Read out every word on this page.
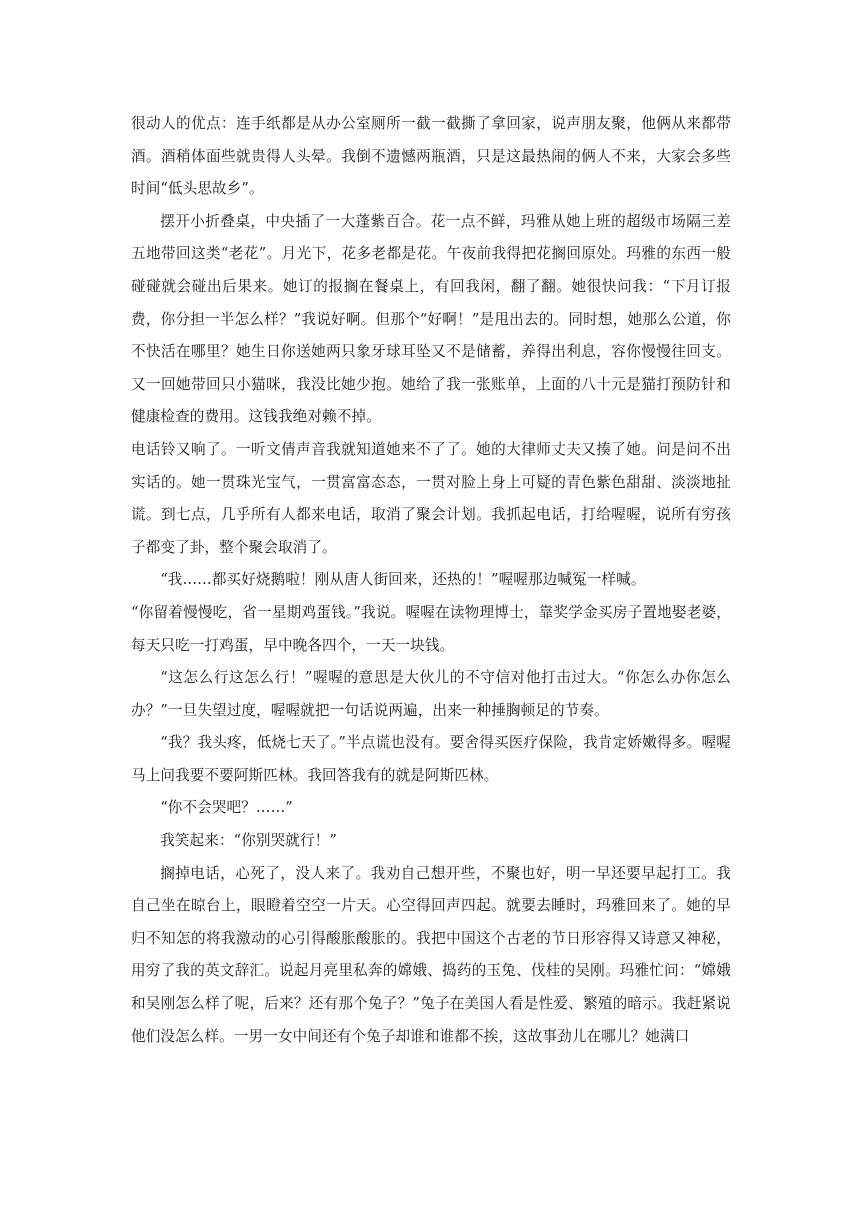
很动人的优点：连手纸都是从办公室厕所一截一截撕了拿回家，说声朋友聚，他俩从来都带酒。酒稍体面些就贵得人头晕。我倒不遗憾两瓶酒，只是这最热闹的俩人不来，大家会多些时间“低头思故乡”。

摆开小折叠桌，中央插了一大蓬紫百合。花一点不鲜，玛雅从她上班的超级市场隔三差五地带回这类“老花”。月光下，花多老都是花。午夜前我得把花搁回原处。玛雅的东西一般碰碰就会碰出后果来。她订的报搁在餐桌上，有回我闲，翻了翻。她很快问我：“下月订报费，你分担一半怎么样？”我说好啊。但那个“好啊！”是甩出去的。同时想，她那么公道，你不快活在哪里？她生日你送她两只象牙球耳坠又不是储蓄，养得出利息，容你慢慢往回支。又一回她带回只小猫咪，我没比她少抱。她给了我一张账单，上面的八十元是猫打预防针和健康检查的费用。这钱我绝对赖不掉。

电话铃又响了。一听文倩声音我就知道她来不了了。她的大律师丈夫又揍了她。问是问不出实话的。她一贯珠光宝气，一贯富富态态，一贯对脸上身上可疑的青色紫色甜甜、淡淡地扯谎。到七点，几乎所有人都来电话，取消了聚会计划。我抓起电话，打给喔喔，说所有穷孩子都变了卦，整个聚会取消了。

“我……都买好烧鹅啦！刚从唐人街回来，还热的！”喔喔那边喊冤一样喊。

“你留着慢慢吃，省一星期鸡蛋钱。”我说。喔喔在读物理博士，靠奖学金买房子置地娶老婆，每天只吃一打鸡蛋，早中晚各四个，一天一块钱。

“这怎么行这怎么行！”喔喔的意思是大伙儿的不守信对他打击过大。“你怎么办你怎么办？”一旦失望过度，喔喔就把一句话说两遍，出来一种捶胸顿足的节奏。

“我？我头疼，低烧七天了。”半点谎也没有。要舍得买医疗保险，我肯定娇嫩得多。喔喔马上问我要不要阿斯匹林。我回答我有的就是阿斯匹林。

“你不会哭吧？……”

我笑起来：“你别哭就行！”

搁掉电话，心死了，没人来了。我劝自己想开些，不聚也好，明一早还要早起打工。我自己坐在晾台上，眼瞪着空空一片天。心空得回声四起。就要去睡时，玛雅回来了。她的早归不知怎的将我激动的心引得酸胀酸胀的。我把中国这个古老的节日形容得又诗意又神秘，用穷了我的英文辞汇。说起月亮里私奔的嫦娥、捣药的玉兔、伐桂的吴刚。玛雅忙问：“嫦娥和吴刚怎么样了呢，后来？还有那个兔子？”兔子在美国人看是性爱、繁殖的暗示。我赶紧说他们没怎么样。一男一女中间还有个兔子却谁和谁都不挨，这故事劲儿在哪儿？她满口
